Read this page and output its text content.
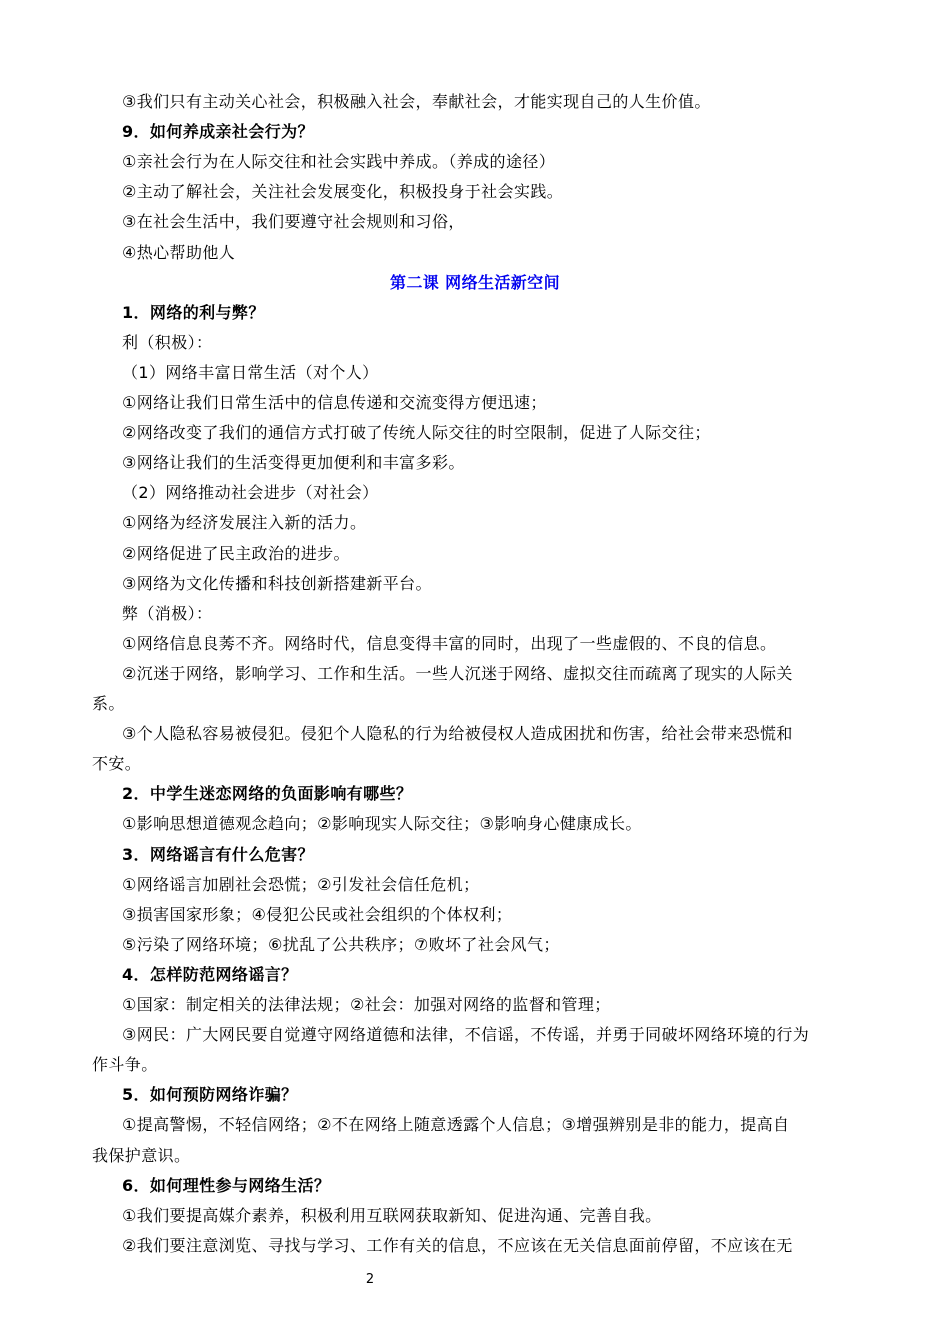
③我们只有主动关心社会，积极融入社会，奉献社会，才能实现自己的人生价值。
9．如何养成亲社会行为？
①亲社会行为在人际交往和社会实践中养成。（养成的途径）
②主动了解社会，关注社会发展变化，积极投身于社会实践。
③在社会生活中，我们要遵守社会规则和习俗，
④热心帮助他人
第二课 网络生活新空间
1．网络的利与弊？
利（积极）：
（1）网络丰富日常生活（对个人）
①网络让我们日常生活中的信息传递和交流变得方便迅速；
②网络改变了我们的通信方式打破了传统人际交往的时空限制，促进了人际交往；
③网络让我们的生活变得更加便利和丰富多彩。
（2）网络推动社会进步（对社会）
①网络为经济发展注入新的活力。
②网络促进了民主政治的进步。
③网络为文化传播和科技创新搭建新平台。
弊（消极）：
①网络信息良莠不齐。网络时代，信息变得丰富的同时，出现了一些虚假的、不良的信息。
②沉迷于网络，影响学习、工作和生活。一些人沉迷于网络、虚拟交往而疏离了现实的人际关
系。
③个人隐私容易被侵犯。侵犯个人隐私的行为给被侵权人造成困扰和伤害，给社会带来恐慌和
不安。
2．中学生迷恋网络的负面影响有哪些？
①影响思想道德观念趋向；②影响现实人际交往；③影响身心健康成长。
3．网络谣言有什么危害？
①网络谣言加剧社会恐慌；②引发社会信任危机；
③损害国家形象；④侵犯公民或社会组织的个体权利；
⑤污染了网络环境；⑥扰乱了公共秩序；⑦败坏了社会风气；
4．怎样防范网络谣言？
①国家：制定相关的法律法规；②社会：加强对网络的监督和管理；
③网民：广大网民要自觉遵守网络道德和法律，不信谣，不传谣，并勇于同破坏网络环境的行为
作斗争。
5．如何预防网络诈骗？
①提高警惕，不轻信网络；②不在网络上随意透露个人信息；③增强辨别是非的能力，提高自
我保护意识。
6．如何理性参与网络生活？
①我们要提高媒介素养，积极利用互联网获取新知、促进沟通、完善自我。
②我们要注意浏览、寻找与学习、工作有关的信息，不应该在无关信息面前停留，不应该在无
2
